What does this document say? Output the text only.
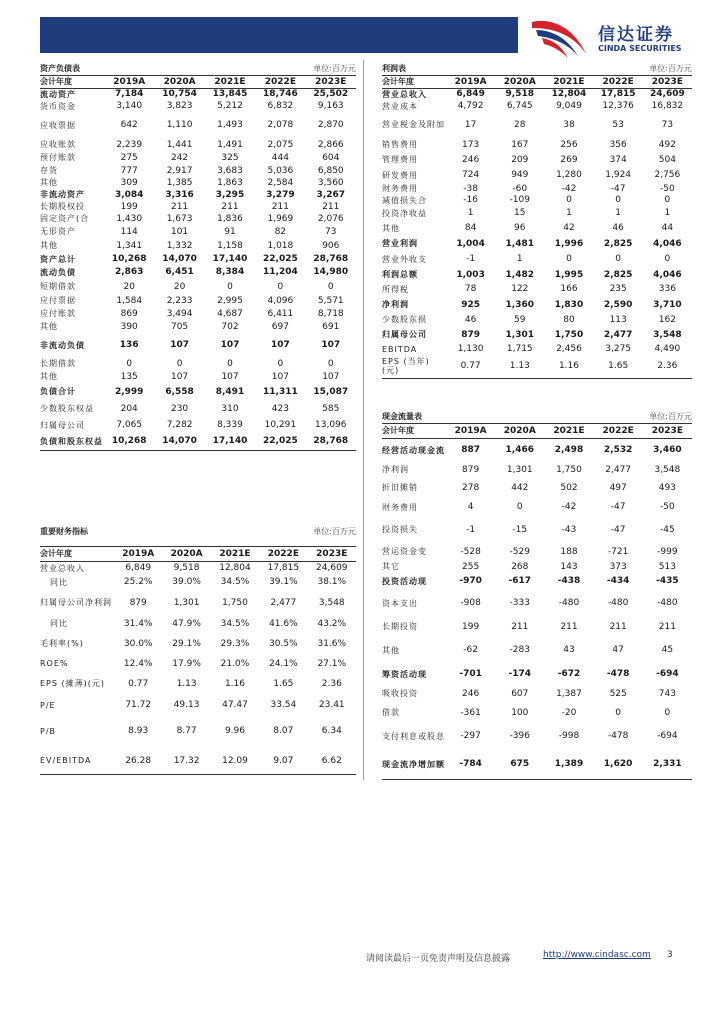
信达证券
CINDA SECURITIES
资产负债表	单位:百万元
会计年度	2019A	2020A	2021E	2022E	2023E
流动资产	7,184	10,754	13,845	18,746	25,502
货币资金	3,140	3,823	5,212	6,832	9,163
应收票据	642	1,110	1,493	2,078	2,870
应收账款	2,239	1,441	1,491	2,075	2,866
预付账款	275	242	325	444	604
存货	777	2,917	3,683	5,036	6,850
其他	309	1,385	1,863	2,584	3,560
非流动资产	3,084	3,316	3,295	3,279	3,267
长期股权投	199	211	211	211	211
固定资产(合	1,430	1,673	1,836	1,969	2,076
无形资产	114	101	91	82	73
其他	1,341	1,332	1,158	1,018	906
资产总计	10,268	14,070	17,140	22,025	28,768
流动负债	2,863	6,451	8,384	11,204	14,980
短期借款	20	20	0	0	0
应付票据	1,584	2,233	2,995	4,096	5,571
应付账款	869	3,494	4,687	6,411	8,718
其他	390	705	702	697	691
非流动负债	136	107	107	107	107
长期借款	0	0	0	0	0
其他	135	107	107	107	107
负债合计	2,999	6,558	8,491	11,311	15,087
少数股东权益	204	230	310	423	585
归属母公司	7,065	7,282	8,339	10,291	13,096
负债和股东权益	10,268	14,070	17,140	22,025	28,768
重要财务指标	单位:百万元
会计年度	2019A	2020A	2021E	2022E	2023E
营业总收入	6,849	9,518	12,804	17,815	24,609
同比	25.2%	39.0%	34.5%	39.1%	38.1%
归属母公司净利润	879	1,301	1,750	2,477	3,548
同比	31.4%	47.9%	34.5%	41.6%	43.2%
毛利率(%)	30.0%	29.1%	29.3%	30.5%	31.6%
ROE%	12.4%	17.9%	21.0%	24.1%	27.1%
EPS (摊薄)(元)	0.77	1.13	1.16	1.65	2.36
P/E	71.72	49.13	47.47	33.54	23.41
P/B	8.93	8.77	9.96	8.07	6.34
EV/EBITDA	26.28	17.32	12.09	9.07	6.62
利润表	单位:百万元
会计年度	2019A	2020A	2021E	2022E	2023E
营业总收入	6,849	9,518	12,804	17,815	24,609
营业成本	4,792	6,745	9,049	12,376	16,832
营业税金及附加	17	28	38	53	73
销售费用	173	167	256	356	492
管理费用	246	209	269	374	504
研发费用	724	949	1,280	1,924	2,756
财务费用	-38	-60	-42	-47	-50
减值损失合	-16	-109	0	0	0
投资净收益	1	15	1	1	1
其他	84	96	42	46	44
营业利润	1,004	1,481	1,996	2,825	4,046
营业外收支	-1	1	0	0	0
利润总额	1,003	1,482	1,995	2,825	4,046
所得税	78	122	166	235	336
净利润	925	1,360	1,830	2,590	3,710
少数股东损	46	59	80	113	162
归属母公司	879	1,301	1,750	2,477	3,548
EBITDA	1,130	1,715	2,456	3,275	4,490
EPS (当年)(元)	0.77	1.13	1.16	1.65	2.36
现金流量表	单位:百万元
会计年度	2019A	2020A	2021E	2022E	2023E
经营活动现金流	887	1,466	2,498	2,532	3,460
净利润	879	1,301	1,750	2,477	3,548
折旧摊销	278	442	502	497	493
财务费用	4	0	-42	-47	-50
投资损失	-1	-15	-43	-47	-45
营运资金变	-528	-529	188	-721	-999
其它	255	268	143	373	513
投资活动现	-970	-617	-438	-434	-435
资本支出	-908	-333	-480	-480	-480
长期投资	199	211	211	211	211
其他	-62	-283	43	47	45
筹资活动现	-701	-174	-672	-478	-694
吸收投资	246	607	1,387	525	743
借款	-361	100	-20	0	0
支付利息或股息	-297	-396	-998	-478	-694
现金流净增加额	-784	675	1,389	1,620	2,331
请阅读最后一页免责声明及信息披露	http://www.cindasc.com 3
